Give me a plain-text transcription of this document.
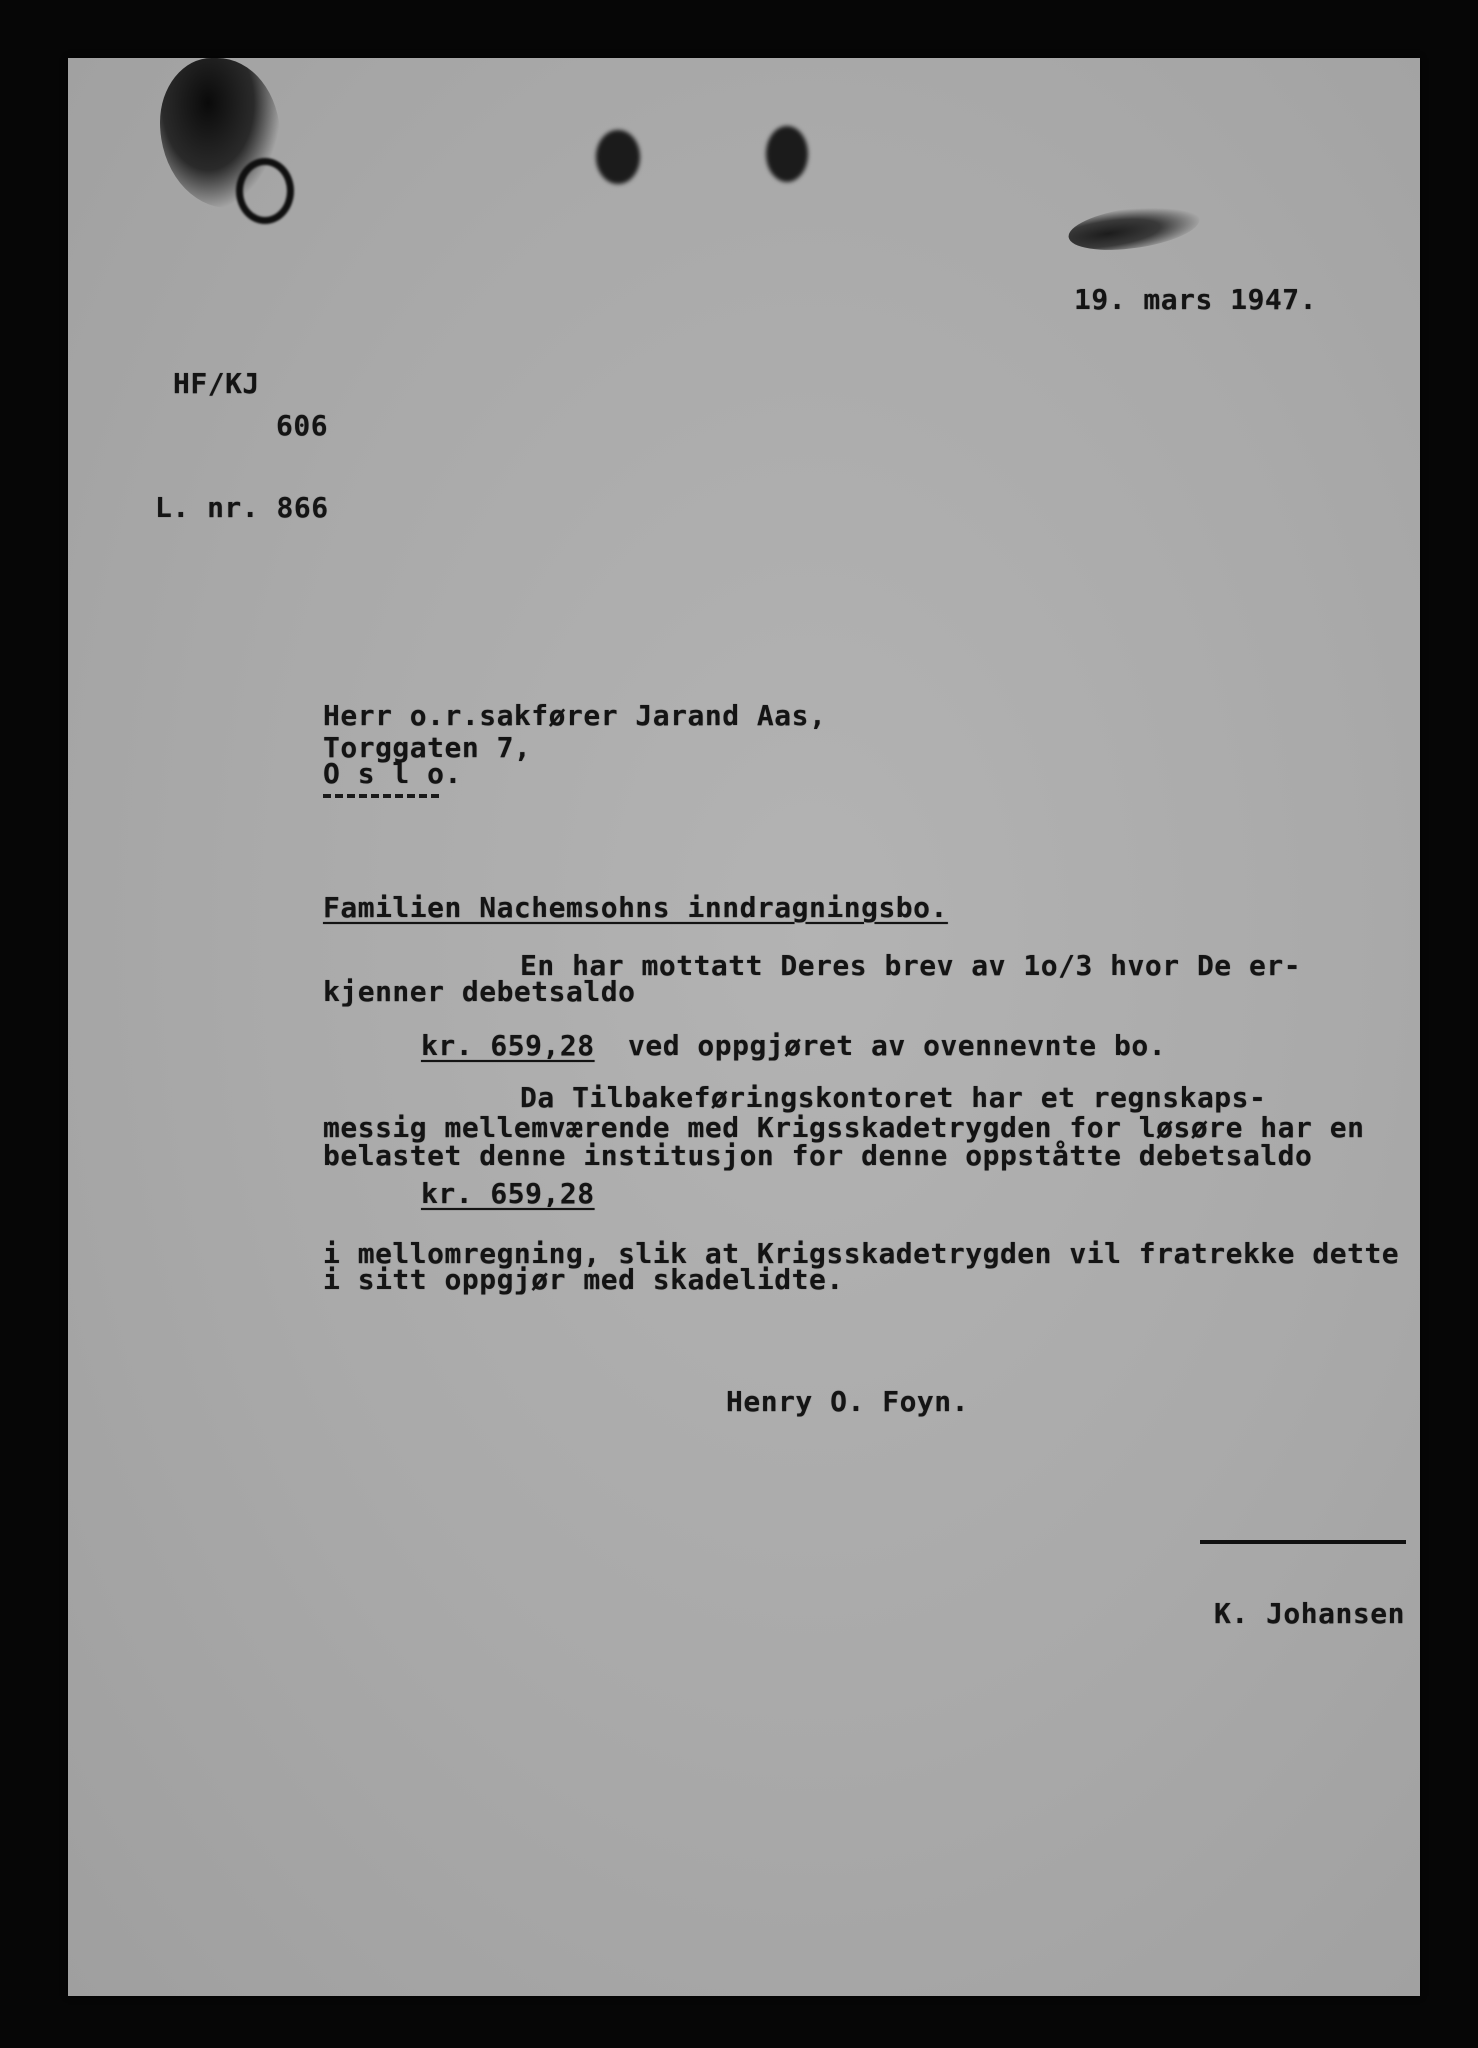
19. mars 1947.
HF/KJ
606
L. nr. 866
Herr o.r.sakfører Jarand Aas,
Torggaten 7,
O s l o.
Familien Nachemsohns inndragningsbo.
En har mottatt Deres brev av 1o/3 hvor De er-
kjenner debetsaldo
kr. 659,28 ved oppgjøret av ovennevnte bo.
Da Tilbakeføringskontoret har et regnskaps-
messig mellemværende med Krigsskadetrygden for løsøre har en
belastet denne institusjon for denne oppståtte debetsaldo
kr. 659,28
i mellomregning, slik at Krigsskadetrygden vil fratrekke dette
i sitt oppgjør med skadelidte.
Henry O. Foyn.
K. Johansen
